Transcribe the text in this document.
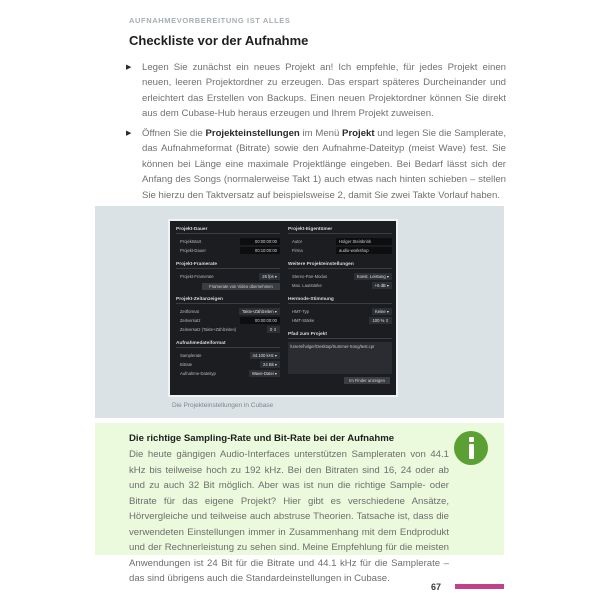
AUFNAHMEVORBEREITUNG IST ALLES
Checkliste vor der Aufnahme
▶ Legen Sie zunächst ein neues Projekt an! Ich empfehle, für jedes Projekt einen neuen, leeren Projektordner zu erzeugen. Das erspart späteres Durcheinander und erleichtert das Erstellen von Backups. Einen neuen Projektordner können Sie direkt aus dem Cubase-Hub heraus erzeugen und Ihrem Projekt zuweisen.
▶ Öffnen Sie die Projekteinstellungen im Menü Projekt und legen Sie die Samplerate, das Aufnahmeformat (Bitrate) sowie den Aufnahme-Dateityp (meist Wave) fest. Sie können bei Länge eine maximale Projektlänge eingeben. Bei Bedarf lässt sich der Anfang des Songs (normalerweise Takt 1) auch etwas nach hinten schieben – stellen Sie hierzu den Taktversatz auf beispielsweise 2, damit Sie zwei Takte Vorlauf haben.
Projekt-Dauer
Projektstart	00:00:00:00
Projekt-Dauer	00:10:00:00
Projekt-Framerate
Projekt-Framerate	25 fps ▾
Framerate von Video übernehmen
Projekt-Zeitanzeigen
Zeitformat	Takte+Zählzeiten ▾
Zeitversatz	00:00:00:00
Zeitversatz (Takte+Zählzeiten)	0 ⇕
Aufnahmedateiformat
Samplerate	44.100 kHz ▾
Bitrate	24 Bit ▾
Aufnahme-Dateityp	Wave-Datei ▾
Projekt-Eigentümer
Autor	Holger Steinbrink
Firma	audio-workshop
Weitere Projekteinstellungen
Stereo-Pan-Modus	Konst. Leistung ▾
Max. Lautstärke	+6 dB ▾
Hermode-Stimmung
HMT-Typ	Keine ▾
HMT-Stärke	100 % ⇕
Pfad zum Projekt
/Users/holger/Desktop/Summer-Song/test.cpr
Im Finder anzeigen
Die Projekteinstellungen in Cubase
Die richtige Sampling-Rate und Bit-Rate bei der Aufnahme
Die heute gängigen Audio-Interfaces unterstützen Sampleraten von 44.1 kHz bis teilweise hoch zu 192 kHz. Bei den Bitraten sind 16, 24 oder ab und zu auch 32 Bit möglich. Aber was ist nun die richtige Sample- oder Bitrate für das eigene Projekt? Hier gibt es verschiedene Ansätze, Hörvergleiche und teilweise auch abstruse Theorien. Tatsache ist, dass die verwendeten Einstellungen immer in Zusammenhang mit dem Endprodukt und der Rechnerleistung zu sehen sind. Meine Empfehlung für die meisten Anwendungen ist 24 Bit für die Bitrate und 44.1 kHz für die Samplerate – das sind übrigens auch die Standardeinstellungen in Cubase.
67
